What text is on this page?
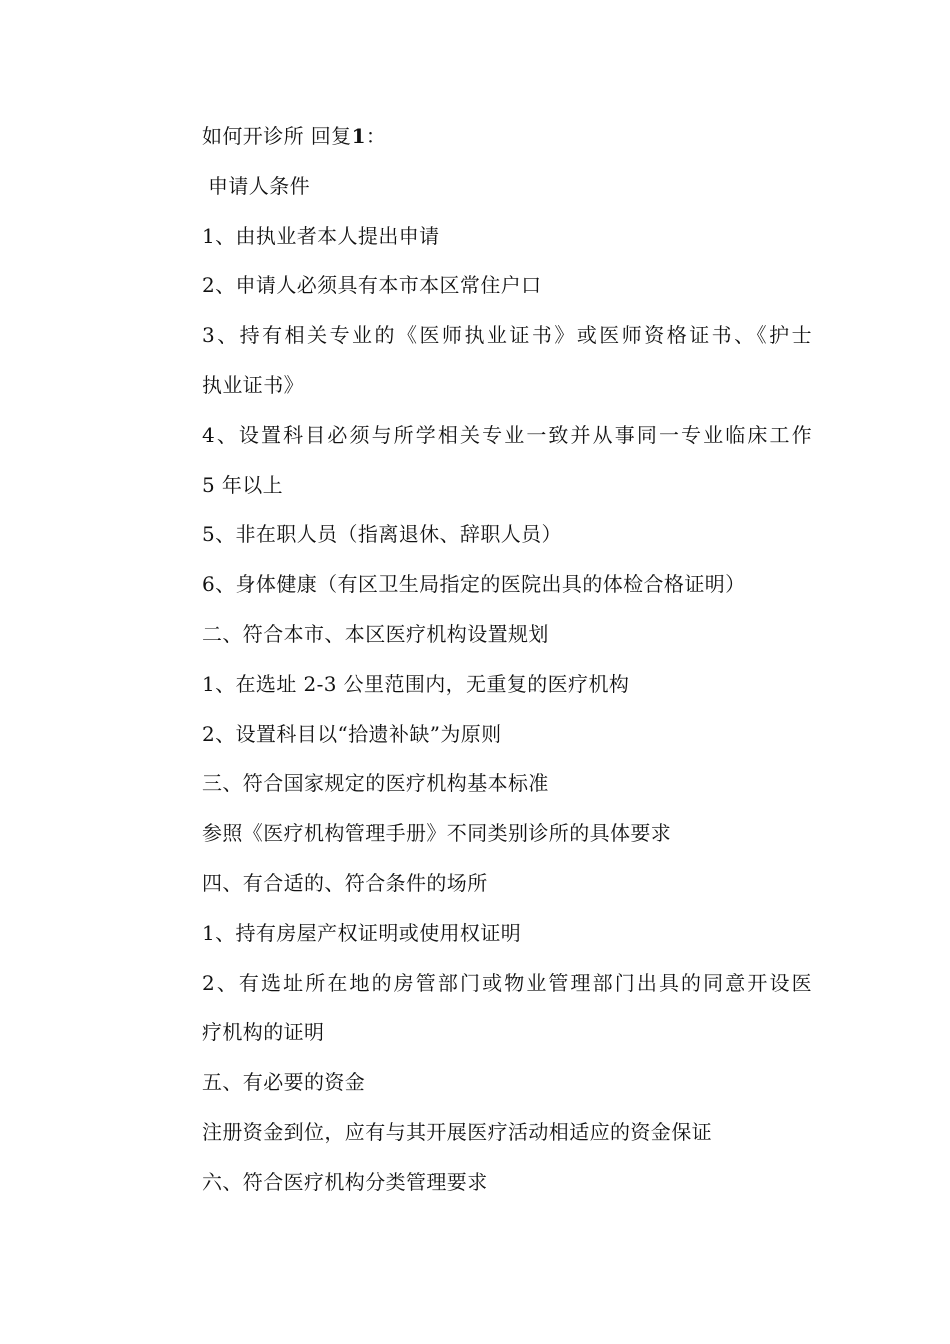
如何开诊所 回复1：
申请人条件
1、由执业者本人提出申请
2、申请人必须具有本市本区常住户口
3、持有相关专业的《医师执业证书》或医师资格证书、《护士
执业证书》
4、设置科目必须与所学相关专业一致并从事同一专业临床工作
5 年以上
5、非在职人员（指离退休、辞职人员）
6、身体健康（有区卫生局指定的医院出具的体检合格证明）
二、符合本市、本区医疗机构设置规划
1、在选址 2-3 公里范围内，无重复的医疗机构
2、设置科目以“拾遗补缺”为原则
三、符合国家规定的医疗机构基本标准
参照《医疗机构管理手册》不同类别诊所的具体要求
四、有合适的、符合条件的场所
1、持有房屋产权证明或使用权证明
2、有选址所在地的房管部门或物业管理部门出具的同意开设医
疗机构的证明
五、有必要的资金
注册资金到位，应有与其开展医疗活动相适应的资金保证
六、符合医疗机构分类管理要求
